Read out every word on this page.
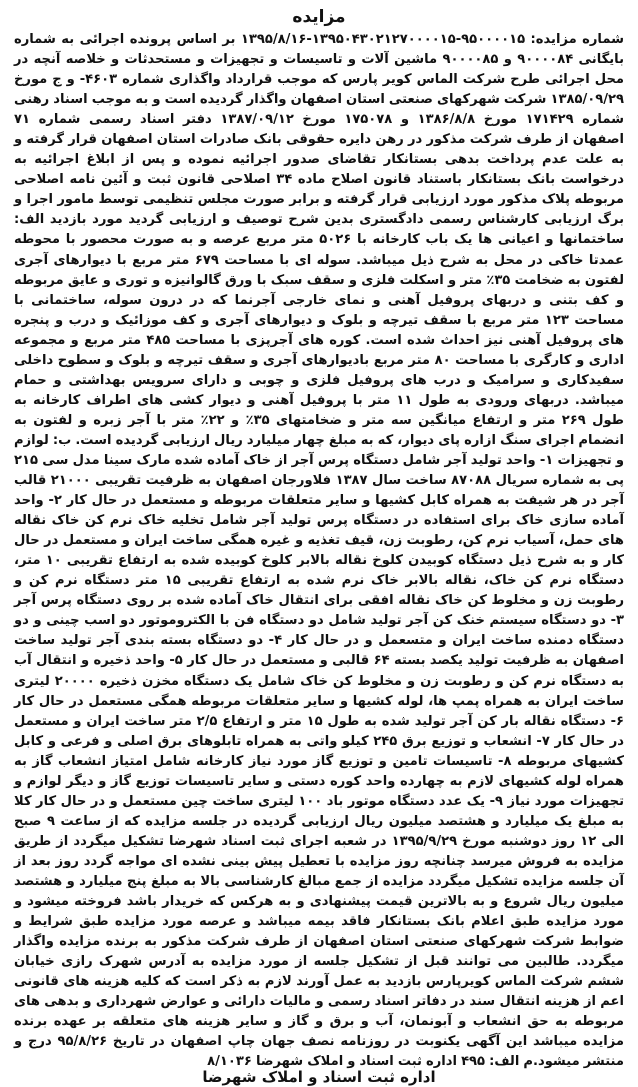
مزایده

شماره مزایده: ۹۵۰۰۰۰۱۵-۱۳۹۵۰۴۳۰۲۱۲۷۰۰۰۰۱۵-۱۳۹۵/۸/۱۶ بر اساس پرونده اجرائی به شماره بایگانی ۹۰۰۰۰۸۴ و ۹۰۰۰۰۸۵ ماشین آلات و تاسیسات و تجهیزات و مستحدثات و خلاصه آنچه در محل اجرائی طرح شرکت الماس کویر پارس که موجب قرارداد واگذاری شماره ۴۶۰۳- و ج مورخ ۱۳۸۵/۰۹/۲۹ شرکت شهرکهای صنعتی استان اصفهان واگذار گردیده است و به موجب اسناد رهنی شماره ۱۷۱۴۲۹ مورخ ۱۳۸۶/۸/۸ و ۱۷۵۰۷۸ مورخ ۱۳۸۷/۰۹/۱۲ دفتر اسناد رسمی شماره ۷۱ اصفهان از طرف شرکت مذکور در رهن دایره حقوقی بانک صادرات استان اصفهان قرار گرفته و به علت عدم پرداخت بدهی بستانکار تقاضای صدور اجرائیه نموده و پس از ابلاغ اجرائیه به درخواست بانک بستانکار باستناد قانون اصلاح ماده ۳۴ اصلاحی قانون ثبت و آئین نامه اصلاحی مربوطه پلاک مذکور مورد ارزیابی قرار گرفته و برابر صورت مجلس تنظیمی توسط مامور اجرا و برگ ارزیابی کارشناس رسمی دادگستری بدین شرح توصیف و ارزیابی گردید مورد بازدید الف: ساختمانها و اعیانی ها یک باب کارخانه با ۵۰۲۶ متر مربع عرصه و به صورت محصور با محوطه عمدتا خاکی در محل به شرح ذیل میباشد. سوله ای با مساحت ۶۷۹ متر مربع با دیوارهای آجری لفتون به ضخامت ۳۵٪ متر و اسکلت فلزی و سقف سبک با ورق گالوانیزه و توری و عایق مربوطه و کف بتنی و دربهای پروفیل آهنی و نمای خارجی آجرنما که در درون سوله، ساختمانی با مساحت ۱۲۳ متر مربع با سقف تیرچه و بلوک و دیوارهای آجری و کف موزائیک و درب و پنجره های پروفیل آهنی نیز احداث شده است. کوره های آجرپزی با مساحت ۴۸۵ متر مربع و مجموعه اداری و کارگری با مساحت ۸۰ متر مربع بادیوارهای آجری و سقف تیرچه و بلوک و سطوح داخلی سفیدکاری و سرامیک و درب های پروفیل فلزی و چوبی و دارای سرویس بهداشتی و حمام میباشد. دربهای ورودی به طول ۱۱ متر با پروفیل آهنی و دیوار کشی های اطراف کارخانه به طول ۲۶۹ متر و ارتفاع میانگین سه متر و ضخامتهای ۳۵٪ و ۲۲٪ متر با آجر زبره و لفتون به انضمام اجرای سنگ ازاره پای دیوار، که به مبلغ چهار میلیارد ریال ارزیابی گردیده است. ب: لوازم و تجهیزات ۱- واحد تولید آجر شامل دستگاه پرس آجر از خاک آماده شده مارک سینا مدل سی ۲۱۵ پی به شماره سریال ۸۷۰۸۸ ساخت سال ۱۳۸۷ فلاورجان اصفهان به ظرفیت تقریبی ۲۱۰۰۰ قالب آجر در هر شیفت به همراه کابل کشیها و سایر متعلقات مربوطه و مستعمل در حال کار ۲- واحد آماده سازی خاک برای استفاده در دستگاه پرس تولید آجر شامل تخلیه خاک نرم کن خاک نقاله های حمل، آسیاب نرم کن، رطوبت زن، قیف تغذیه و غیره همگی ساخت ایران و مستعمل در حال کار و به شرح ذیل دستگاه کوبیدن کلوخ نقاله بالابر کلوخ کوبیده شده به ارتفاع تقریبی ۱۰ متر، دستگاه نرم کن خاک، نقاله بالابر خاک نرم شده به ارتفاع تقریبی ۱۵ متر دستگاه نرم کن و رطوبت زن و مخلوط کن خاک نقاله افقی برای انتقال خاک آماده شده بر روی دستگاه پرس آجر ۳- دو دستگاه سیستم خنک کن آجر تولید شامل دو دستگاه فن با الکتروموتور دو اسب چینی و دو دستگاه دمنده ساخت ایران و متسعمل و در حال کار ۴- دو دستگاه بسته بندی آجر تولید ساخت اصفهان به ظرفیت تولید یکصد بسته ۶۴ قالبی و مستعمل در حال کار ۵- واحد ذخیره و انتقال آب به دستگاه نرم کن و رطوبت زن و مخلوط کن خاک شامل یک دستگاه مخزن ذخیره ۲۰۰۰۰ لیتری ساخت ایران به همراه پمپ ها، لوله کشیها و سایر متعلقات مربوطه همگی مستعمل در حال کار ۶- دستگاه نقاله بار کن آجر تولید شده به طول ۱۵ متر و ارتفاع ۲/۵ متر ساخت ایران و مستعمل در حال کار ۷- انشعاب و توزیع برق ۲۴۵ کیلو واتی به همراه تابلوهای برق اصلی و فرعی و کابل کشیهای مربوطه ۸- تاسیسات تامین و توزیع گاز مورد نیاز کارخانه شامل امتیاز انشعاب گاز به همراه لوله کشیهای لازم به چهارده واحد کوره دستی و سایر تاسیسات توزیع گاز و دیگر لوازم و تجهیزات مورد نیاز ۹- یک عدد دستگاه موتور باد ۱۰۰ لیتری ساخت چین مستعمل و در حال کار کلا به مبلغ یک میلیارد و هشتصد میلیون ریال ارزیابی گردیده در جلسه مزایده که از ساعت ۹ صبح الی ۱۲ روز دوشنبه مورخ ۱۳۹۵/۹/۲۹ در شعبه اجرای ثبت اسناد شهرضا تشکیل میگردد از طریق مزایده به فروش میرسد چنانچه روز مزایده با تعطیل پیش بینی نشده ای مواجه گردد روز بعد از آن جلسه مزایده تشکیل میگردد مزایده از جمع مبالغ کارشناسی بالا به مبلغ پنج میلیارد و هشتصد میلیون ریال شروع و به بالاترین قیمت پیشنهادی و به هرکس که خریدار باشد فروخته میشود و مورد مزایده طبق اعلام بانک بستانکار فاقد بیمه میباشد و عرصه مورد مزایده طبق شرایط و ضوابط شرکت شهرکهای صنعتی استان اصفهان از طرف شرکت مذکور به برنده مزایده واگذار میگردد. طالبین می توانند قبل از تشکیل جلسه از مورد مزایده به آدرس شهرک رازی خیابان ششم شرکت الماس کویرپارس بازدید به عمل آورند لازم به ذکر است که کلیه هزینه های قانونی اعم از هزینه انتقال سند در دفاتر اسناد رسمی و مالیات دارائی و عوارض شهرداری و بدهی های مربوطه به حق انشعاب و آبونمان، آب و برق و گاز و سایر هزینه های متعلقه بر عهده برنده مزایده میباشد این آگهی یکنوبت در روزنامه نصف جهان چاپ اصفهان در تاریخ ۹۵/۸/۲۶ درج و منتشر میشود.م الف: ۴۹۵ اداره ثبت اسناد و املاک شهرضا ۸/۱۰۳۶

اداره ثبت اسناد و املاک شهرضا
